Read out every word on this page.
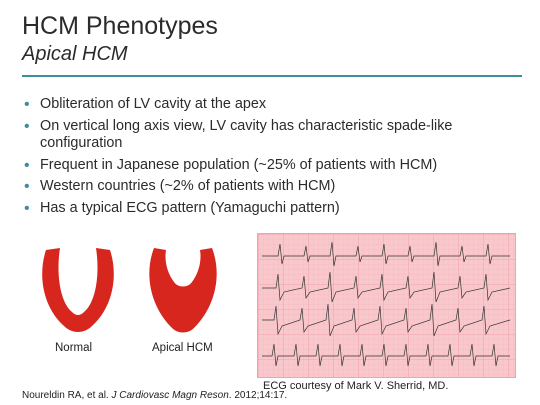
HCM Phenotypes
Apical HCM
• Obliteration of LV cavity at the apex
• On vertical long axis view, LV cavity has characteristic spade-like configuration
• Frequent in Japanese population (~25% of patients with HCM)
• Western countries (~2% of patients with HCM)
• Has a typical ECG pattern (Yamaguchi pattern)
Normal	Apical HCM
ECG courtesy of Mark V. Sherrid, MD.
Noureldin RA, et al. J Cardiovasc Magn Reson. 2012;14:17.
